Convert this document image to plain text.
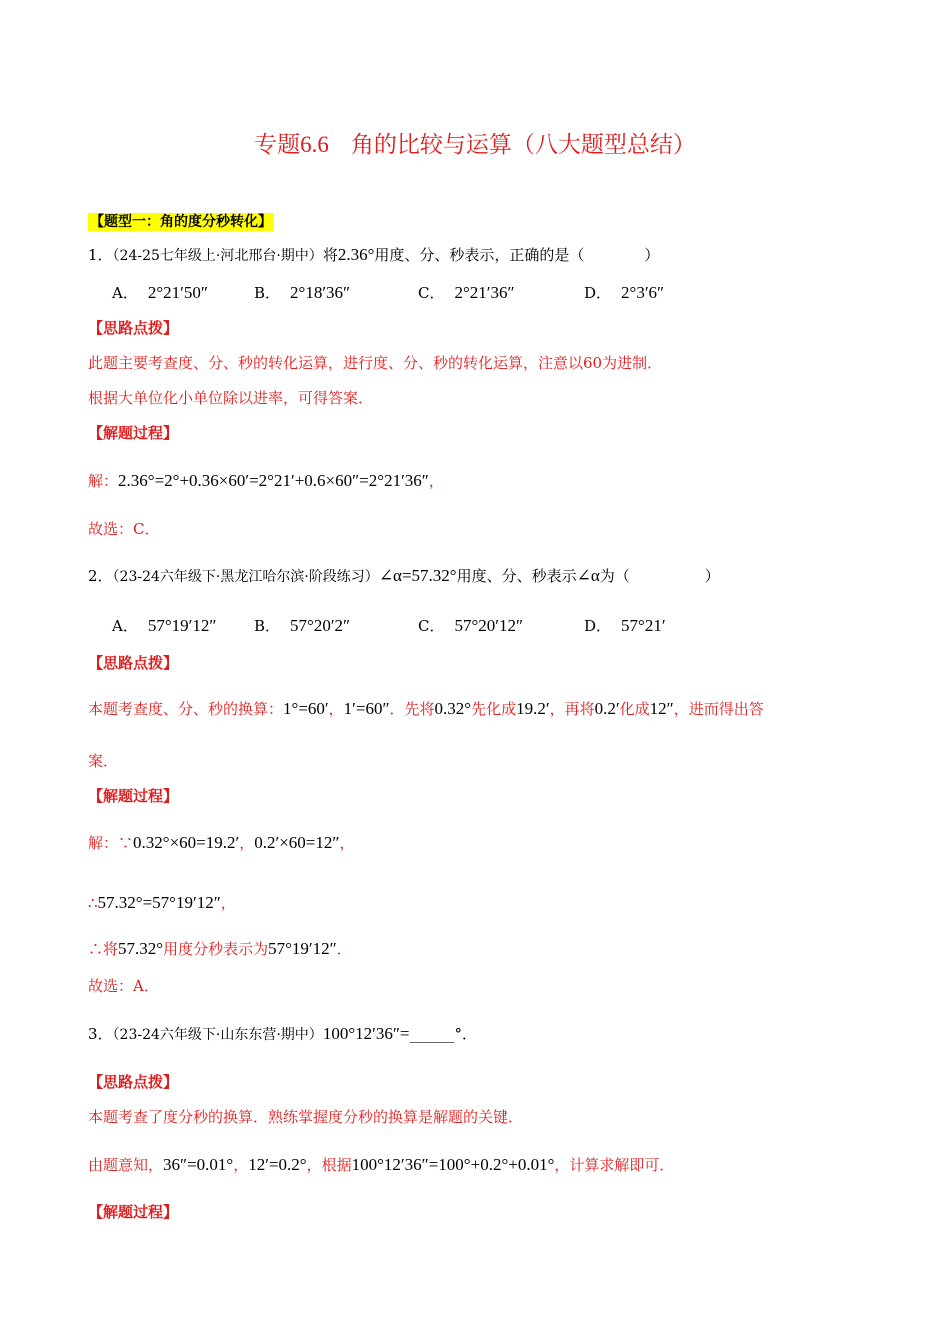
专题6.6 角的比较与运算（八大题型总结）
【题型一：角的度分秒转化】
1．（24-25七年级上·河北邢台·期中）将2.36°用度、分、秒表示，正确的是（　　　　）
A． 2°21′50″	B． 2°18′36″	C． 2°21′36″	D． 2°3′6″
【思路点拨】
此题主要考查度、分、秒的转化运算，进行度、分、秒的转化运算，注意以60为进制．
根据大单位化小单位除以进率，可得答案．
【解题过程】
解：2.36°=2°+0.36×60′=2°21′+0.6×60″=2°21′36″，
故选：C．
2．（23-24六年级下·黑龙江哈尔滨·阶段练习）∠α=57.32°用度、分、秒表示∠α为（　　　　　）
A． 57°19′12″	B． 57°20′2″	C． 57°20′12″	D． 57°21′
【思路点拨】
本题考查度、分、秒的换算：1°=60′，1′=60″．先将0.32°先化成19.2′，再将0.2′化成12″，进而得出答
案．
【解题过程】
解：∵0.32°×60=19.2′，0.2′×60=12″，
∴57.32°=57°19′12″，
∴将57.32°用度分秒表示为57°19′12″．
故选：A．
3．（23-24六年级下·山东东营·期中）100°12′36″=______°．
【思路点拨】
本题考查了度分秒的换算．熟练掌握度分秒的换算是解题的关键．
由题意知，36″=0.01°，12′=0.2°，根据100°12′36″=100°+0.2°+0.01°，计算求解即可．
【解题过程】
